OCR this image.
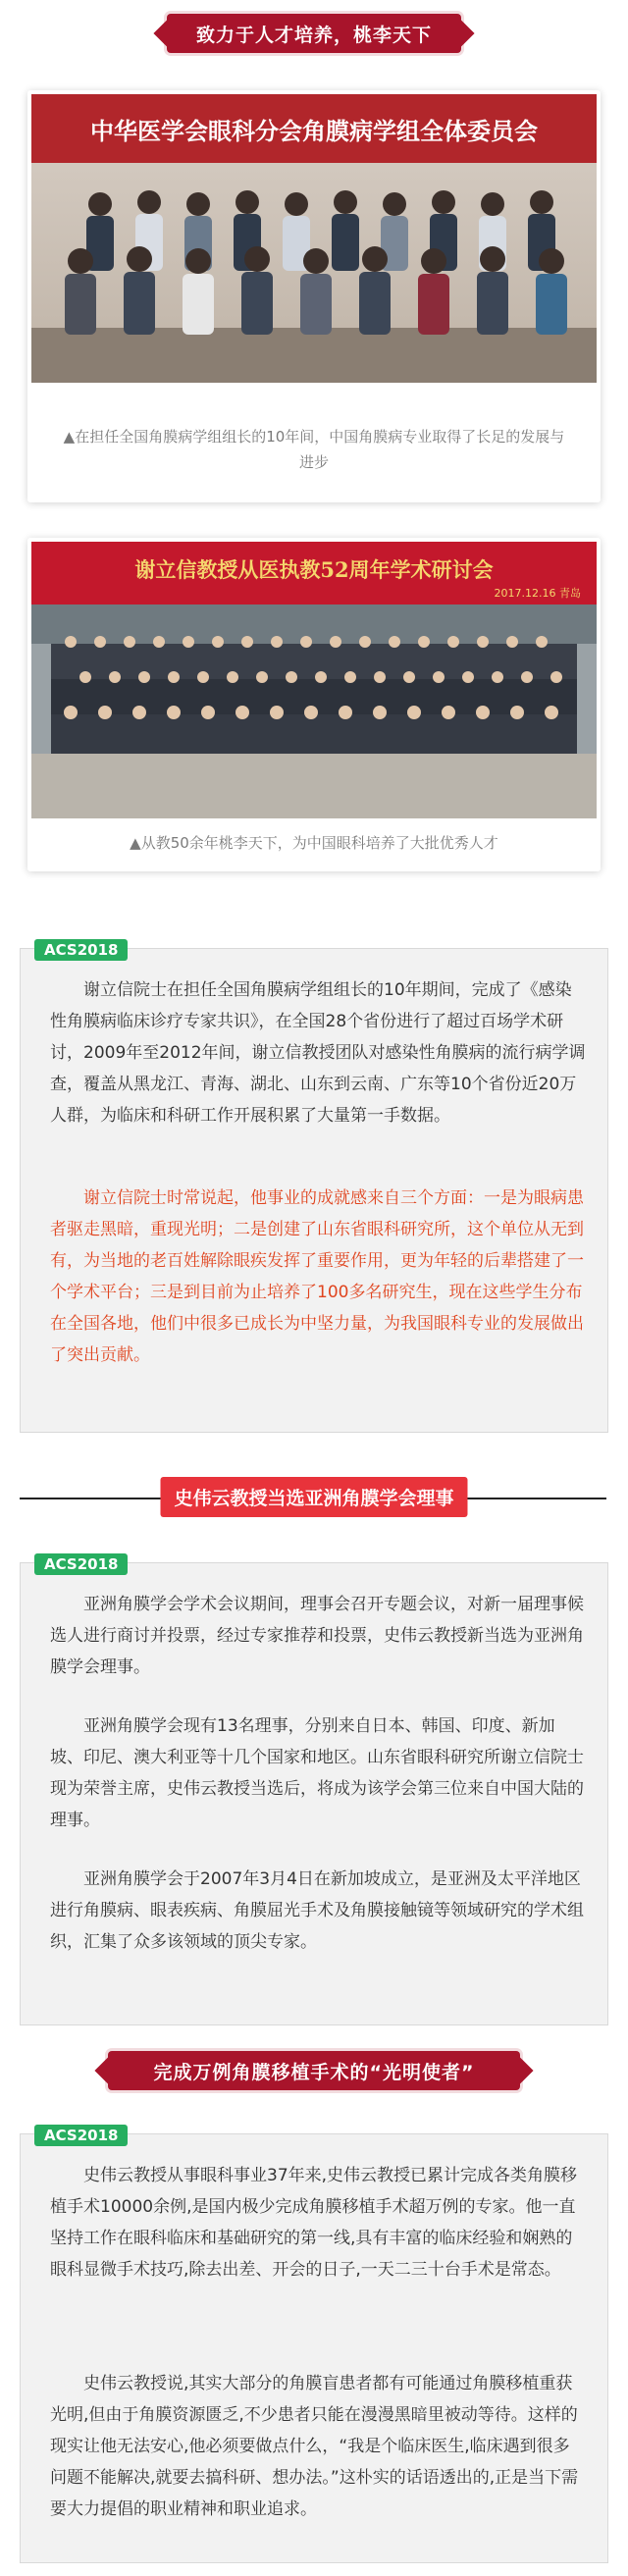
致力于人才培养，桃李天下
中华医学会眼科分会角膜病学组全体委员会
▲在担任全国角膜病学组组长的10年间，中国角膜病专业取得了长足的发展与进步
谢立信教授从医执教52周年学术研讨会
2017.12.16 青岛
▲从教50余年桃李天下，为中国眼科培养了大批优秀人才
ACS2018

谢立信院士在担任全国角膜病学组组长的10年期间，完成了《感染性角膜病临床诊疗专家共识》，在全国28个省份进行了超过百场学术研讨，2009年至2012年间，谢立信教授团队对感染性角膜病的流行病学调查，覆盖从黑龙江、青海、湖北、山东到云南、广东等10个省份近20万人群，为临床和科研工作开展积累了大量第一手数据。

谢立信院士时常说起，他事业的成就感来自三个方面：一是为眼病患者驱走黑暗，重现光明；二是创建了山东省眼科研究所，这个单位从无到有，为当地的老百姓解除眼疾发挥了重要作用，更为年轻的后辈搭建了一个学术平台；三是到目前为止培养了100多名研究生，现在这些学生分布在全国各地，他们中很多已成长为中坚力量，为我国眼科专业的发展做出了突出贡献。

史伟云教授当选亚洲角膜学会理事
ACS2018

亚洲角膜学会学术会议期间，理事会召开专题会议，对新一届理事候选人进行商讨并投票，经过专家推荐和投票，史伟云教授新当选为亚洲角膜学会理事。

亚洲角膜学会现有13名理事，分别来自日本、韩国、印度、新加坡、印尼、澳大利亚等十几个国家和地区。山东省眼科研究所谢立信院士现为荣誉主席，史伟云教授当选后，将成为该学会第三位来自中国大陆的理事。

亚洲角膜学会于2007年3月4日在新加坡成立，是亚洲及太平洋地区进行角膜病、眼表疾病、角膜屈光手术及角膜接触镜等领域研究的学术组织，汇集了众多该领域的顶尖专家。

完成万例角膜移植手术的“光明使者”
ACS2018

史伟云教授从事眼科事业37年来,史伟云教授已累计完成各类角膜移植手术10000余例,是国内极少完成角膜移植手术超万例的专家。他一直坚持工作在眼科临床和基础研究的第一线,具有丰富的临床经验和娴熟的眼科显微手术技巧,除去出差、开会的日子,一天二三十台手术是常态。

史伟云教授说,其实大部分的角膜盲患者都有可能通过角膜移植重获光明,但由于角膜资源匮乏,不少患者只能在漫漫黑暗里被动等待。这样的现实让他无法安心,他必须要做点什么，“我是个临床医生,临床遇到很多问题不能解决,就要去搞科研、想办法。”这朴实的话语透出的,正是当下需要大力提倡的职业精神和职业追求。
